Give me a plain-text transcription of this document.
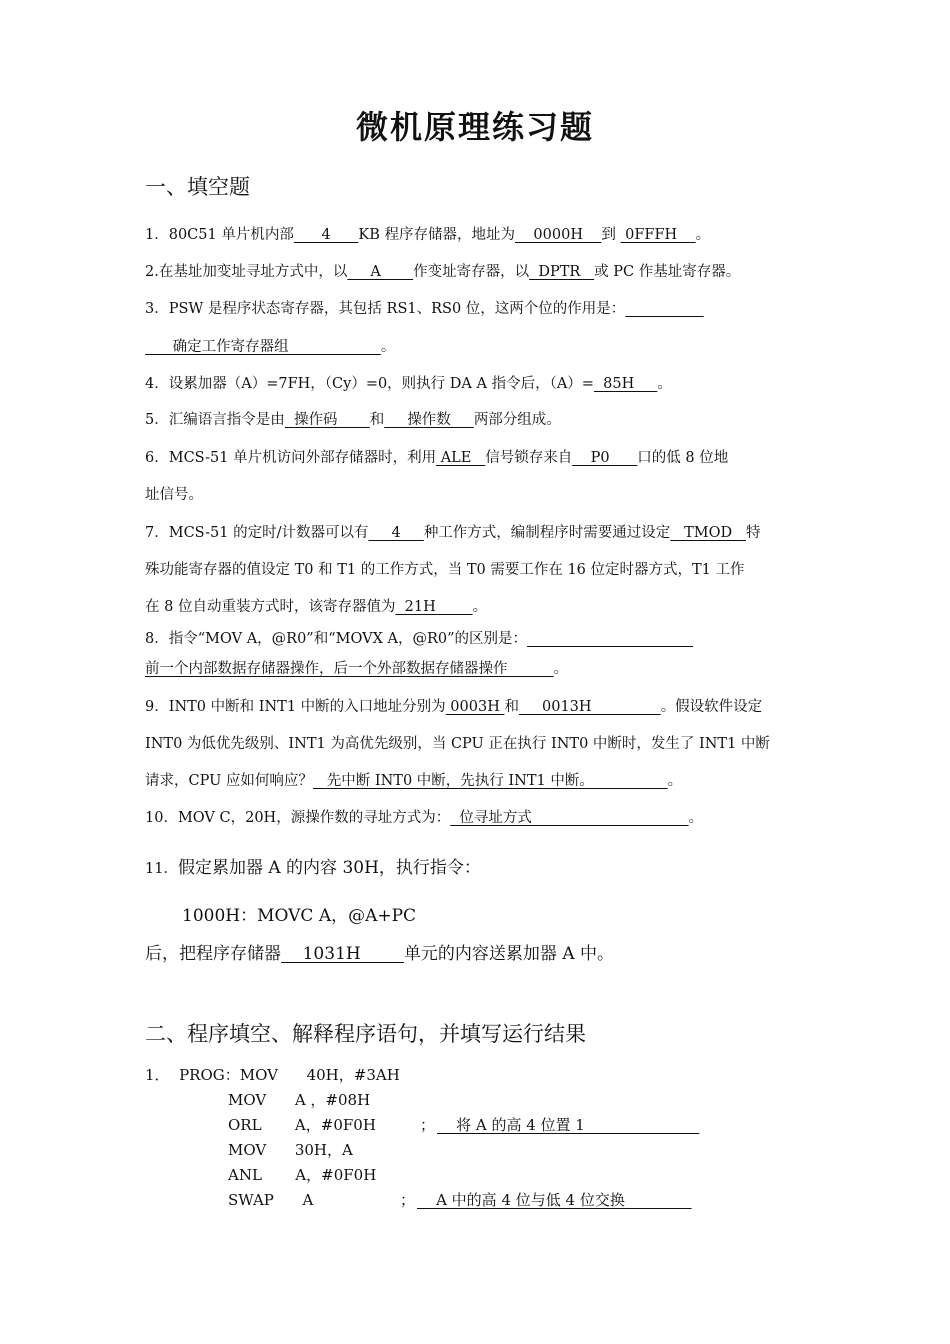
微机原理练习题
一、填空题
1．80C51 单片机内部      4      KB 程序存储器，地址为    0000H    到  0FFFH    。
2.在基址加变址寻址方式中，以     A       作变址寄存器，以  DPTR   或 PC 作基址寄存器。
3．PSW 是程序状态寄存器，其包括 RS1、RS0 位，这两个位的作用是：
确定工作寄存器组                    。
4．设累加器（A）=7FH，（Cy）=0，则执行 DA A 指令后，（A）=  85H     。
5．汇编语言指令是由  操作码       和     操作数     两部分组成。
6．MCS-51 单片机访问外部存储器时，利用 ALE   信号锁存来自    P0      口的低 8 位地
址信号。
7．MCS-51 的定时/计数器可以有     4     种工作方式，编制程序时需要通过设定   TMOD   特
殊功能寄存器的值设定 T0 和 T1 的工作方式，当 T0 需要工作在 16 位定时器方式，T1 工作
在 8 位自动重装方式时，该寄存器值为  21H        。
8．指令“MOV A，@R0”和“MOVX A，@R0”的区别是：
前一个内部数据存储器操作，后一个外部数据存储器操作          。
9．INT0 中断和 INT1 中断的入口地址分别为 0003H 和     0013H               。假设软件设定
INT0 为低优先级别、INT1 为高优先级别，当 CPU 正在执行 INT0 中断时，发生了 INT1 中断
请求，CPU 应如何响应？   先中断 INT0 中断，先执行 INT1 中断。                。
10．MOV C，20H，源操作数的寻址方式为：  位寻址方式                                  。
11．假定累加器 A 的内容 30H，执行指令：
1000H：MOVC A，@A+PC
后，把程序存储器    1031H        单元的内容送累加器 A 中。
二、程序填空、解释程序语句，并填写运行结果
1．  PROG：MOV      40H，#3AH
MOV      A ，#08H
ORL       A，#0F0H	； 将 A 的高 4 位置 1
MOV      30H，A
ANL       A，#0F0H
SWAP      A	； A 中的高 4 位与低 4 位交换
